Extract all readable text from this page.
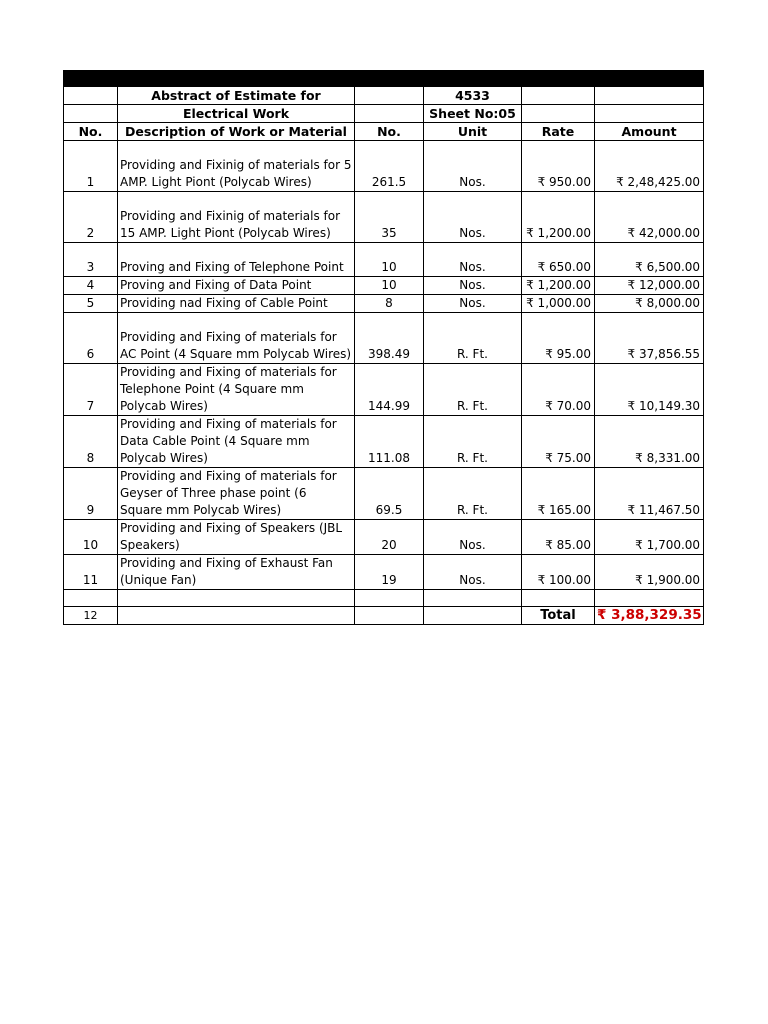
	Abstract of Estimate for		4533		
	Electrical Work		Sheet No:05		
No.	Description of Work or Material	No.	Unit	Rate	Amount
1	Providing and Fixinig of materials for 5 AMP. Light Piont (Polycab Wires)	261.5	Nos.	₹ 950.00	₹ 2,48,425.00
2	Providing and Fixinig of materials for 15 AMP. Light Piont (Polycab Wires)	35	Nos.	₹ 1,200.00	₹ 42,000.00
3	Proving and Fixing of Telephone Point	10	Nos.	₹ 650.00	₹ 6,500.00
4	Proving and Fixing of Data Point	10	Nos.	₹ 1,200.00	₹ 12,000.00
5	Providing nad Fixing of Cable Point	8	Nos.	₹ 1,000.00	₹ 8,000.00
6	Providing and Fixing of materials for AC Point (4 Square mm Polycab Wires)	398.49	R. Ft.	₹ 95.00	₹ 37,856.55
7	Providing and Fixing of materials for Telephone Point (4 Square mm Polycab Wires)	144.99	R. Ft.	₹ 70.00	₹ 10,149.30
8	Providing and Fixing of materials for Data Cable Point (4 Square mm Polycab Wires)	111.08	R. Ft.	₹ 75.00	₹ 8,331.00
9	Providing and Fixing of materials for Geyser of Three phase point (6 Square mm Polycab Wires)	69.5	R. Ft.	₹ 165.00	₹ 11,467.50
10	Providing and Fixing of Speakers (JBL Speakers)	20	Nos.	₹ 85.00	₹ 1,700.00
11	Providing and Fixing of Exhaust Fan (Unique Fan)	19	Nos.	₹ 100.00	₹ 1,900.00

12				Total	₹ 3,88,329.35
